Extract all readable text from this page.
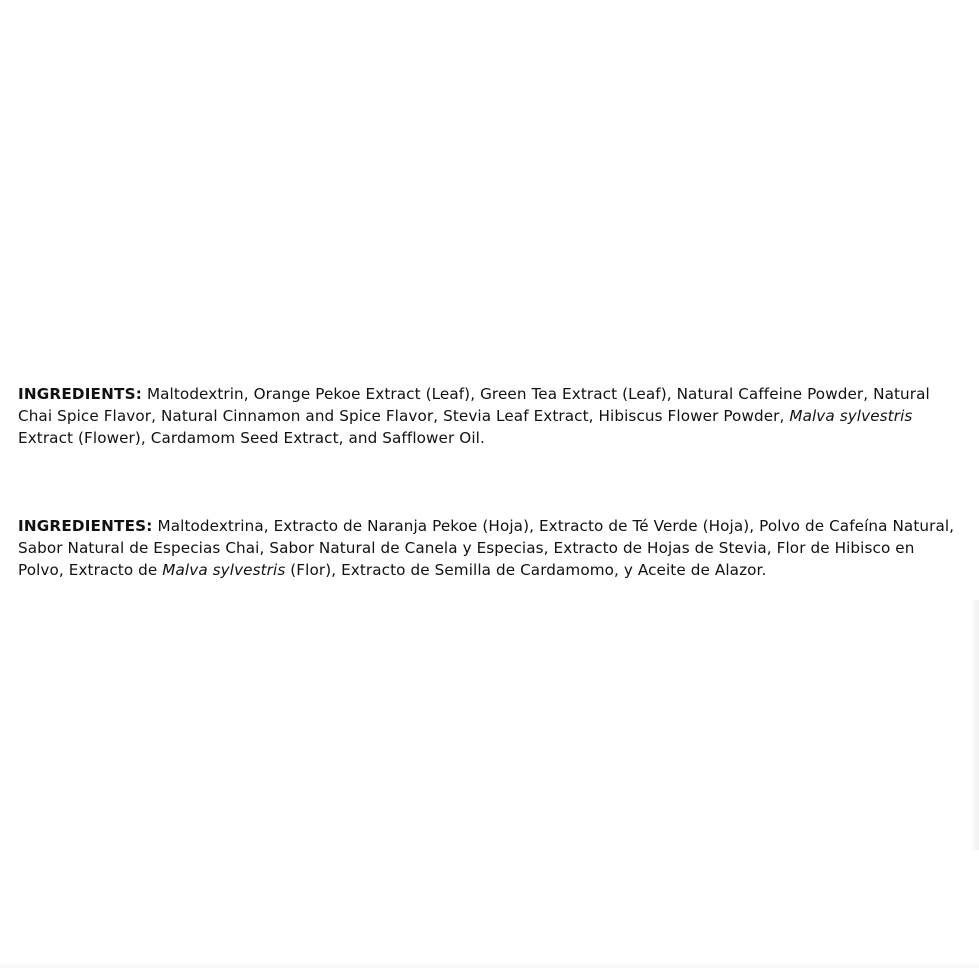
INGREDIENTS: Maltodextrin, Orange Pekoe Extract (Leaf), Green Tea Extract (Leaf), Natural Caffeine Powder, Natural Chai Spice Flavor, Natural Cinnamon and Spice Flavor, Stevia Leaf Extract, Hibiscus Flower Powder, Malva sylvestris Extract (Flower), Cardamom Seed Extract, and Safflower Oil.
INGREDIENTES: Maltodextrina, Extracto de Naranja Pekoe (Hoja), Extracto de Té Verde (Hoja), Polvo de Cafeína Natural, Sabor Natural de Especias Chai, Sabor Natural de Canela y Especias, Extracto de Hojas de Stevia, Flor de Hibisco en Polvo, Extracto de Malva sylvestris (Flor), Extracto de Semilla de Cardamomo, y Aceite de Alazor.
